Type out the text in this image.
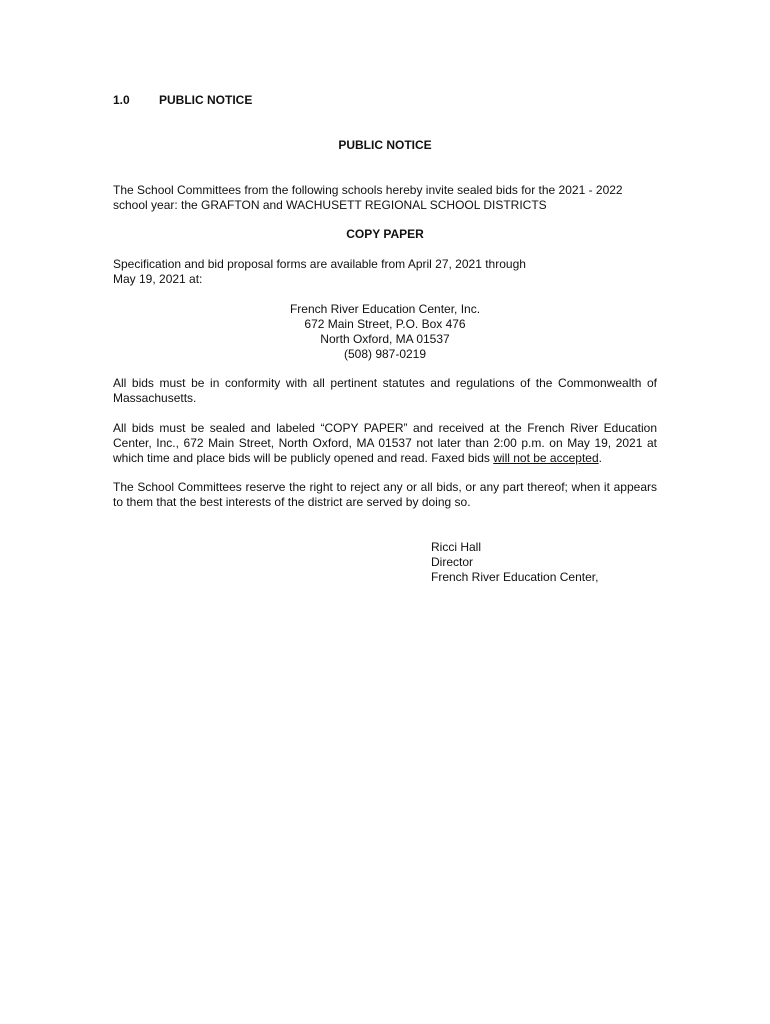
1.0 PUBLIC NOTICE
PUBLIC NOTICE
The School Committees from the following schools hereby invite sealed bids for the 2021 - 2022
school year: the GRAFTON and WACHUSETT REGIONAL SCHOOL DISTRICTS
COPY PAPER
Specification and bid proposal forms are available from April 27, 2021 through
May 19, 2021 at:
French River Education Center, Inc.
672 Main Street, P.O. Box 476
North Oxford, MA 01537
(508) 987-0219

All bids must be in conformity with all pertinent statutes and regulations of the Commonwealth of Massachusetts.

All bids must be sealed and labeled “COPY PAPER” and received at the French River Education Center, Inc., 672 Main Street, North Oxford, MA 01537 not later than 2:00 p.m. on May 19, 2021 at which time and place bids will be publicly opened and read. Faxed bids will not be accepted.

The School Committees reserve the right to reject any or all bids, or any part thereof; when it appears to them that the best interests of the district are served by doing so.

Ricci Hall
Director
French River Education Center,
